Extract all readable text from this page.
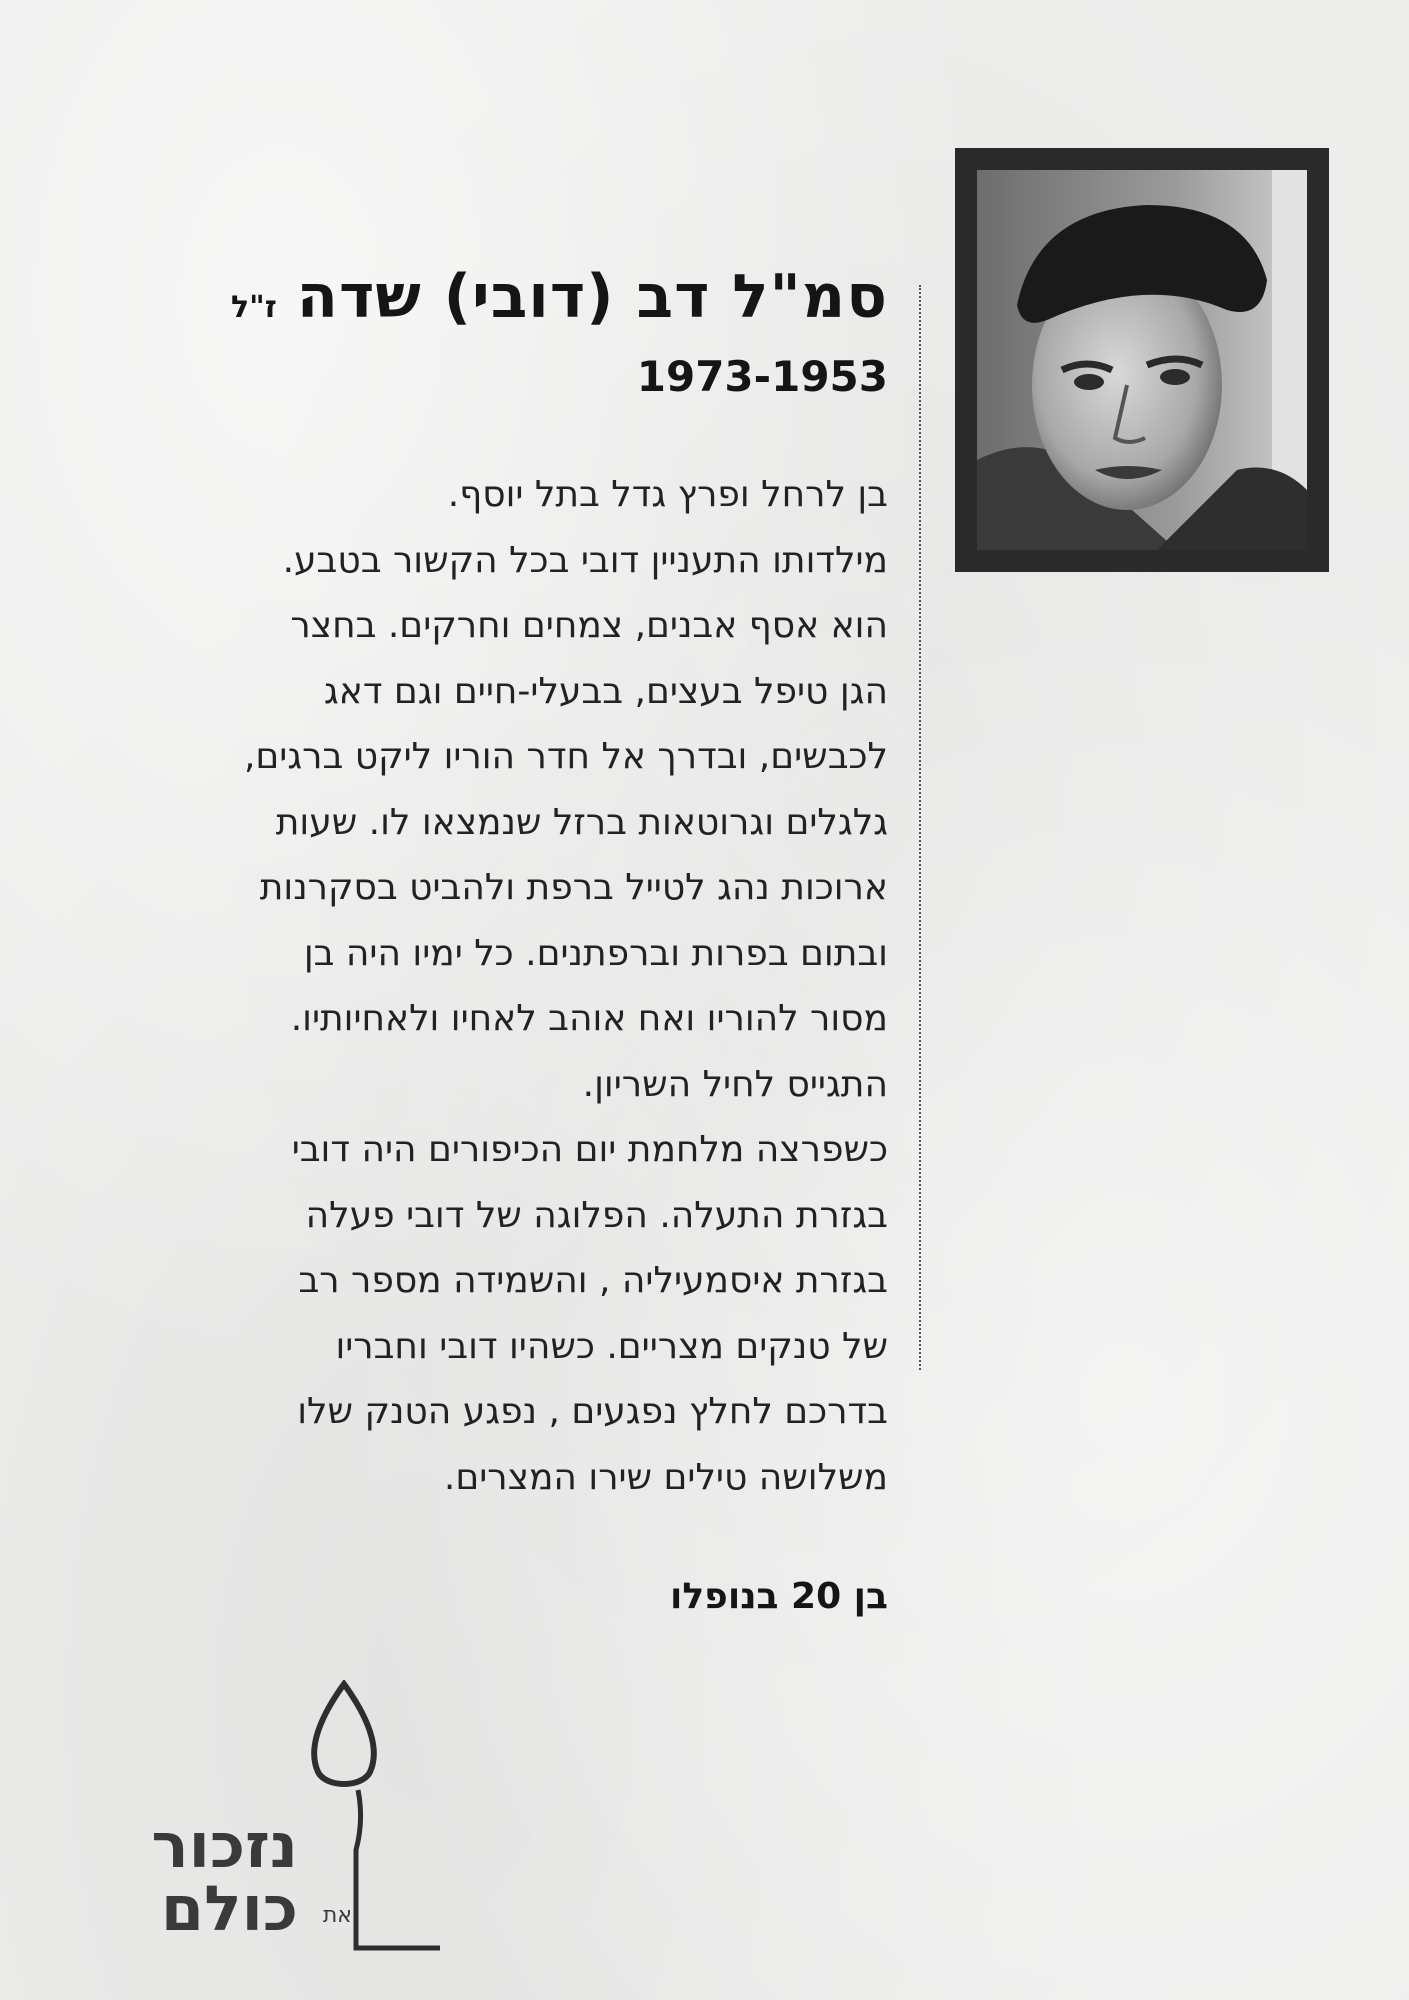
סמ"ל דב (דובי) שדה
ז"ל
1973-1953
בן לרחל ופרץ גדל בתל יוסף.
מילדותו התעניין דובי בכל הקשור בטבע.
הוא אסף אבנים, צמחים וחרקים. בחצר
הגן טיפל בעצים, בבעלי-חיים וגם דאג
לכבשים, ובדרך אל חדר הוריו ליקט ברגים,
גלגלים וגרוטאות ברזל שנמצאו לו. שעות
ארוכות נהג לטייל ברפת ולהביט בסקרנות
ובתום בפרות וברפתנים. כל ימיו היה בן
מסור להוריו ואח אוהב לאחיו ולאחיותיו.
התגייס לחיל השריון.
כשפרצה מלחמת יום הכיפורים היה דובי
בגזרת התעלה. הפלוגה של דובי פעלה
בגזרת איסמעיליה , והשמידה מספר רב
של טנקים מצריים. כשהיו דובי וחבריו
בדרכם לחלץ נפגעים , נפגע הטנק שלו
משלושה טילים שירו המצרים.
בן 20 בנופלו
נזכור
את
כולם
